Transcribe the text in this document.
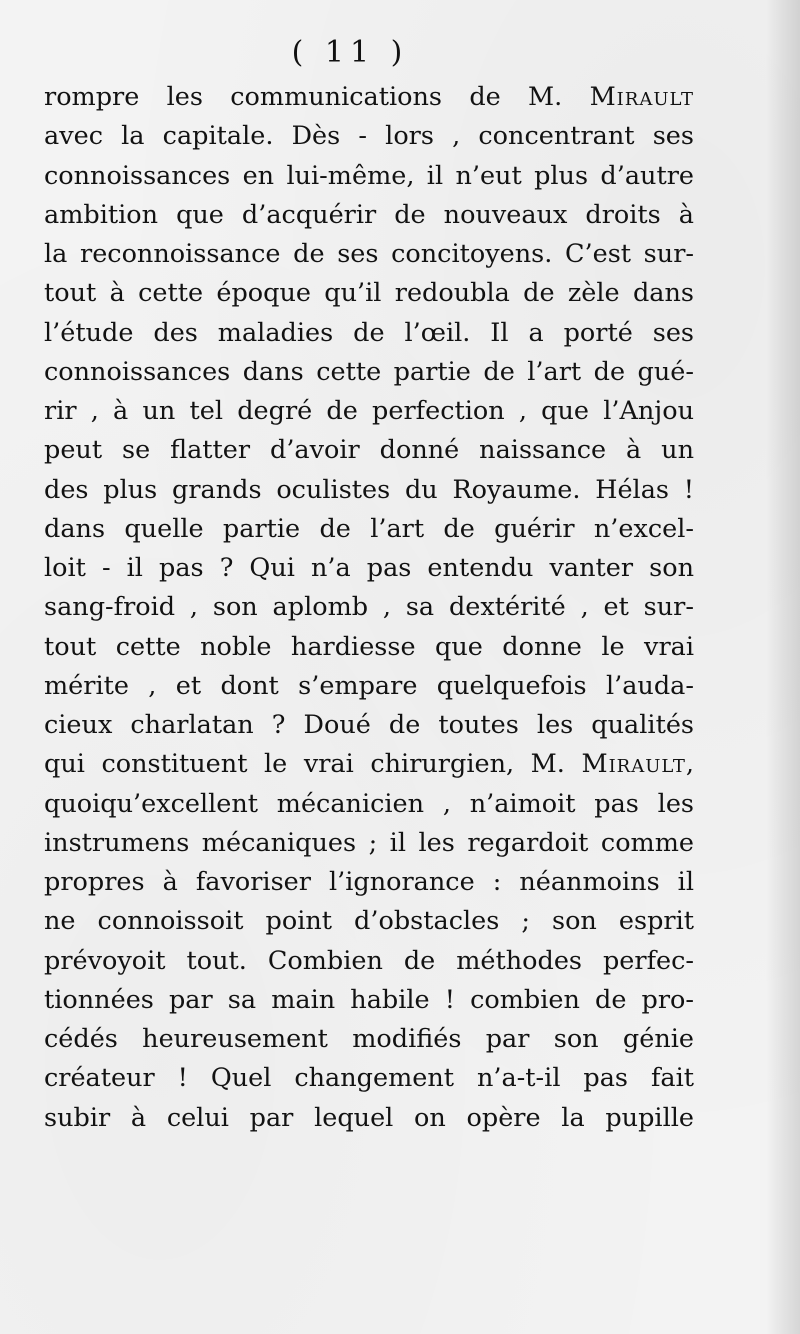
( 11 )
rompre les communications de M. Mirault
avec la capitale. Dès - lors , concentrant ses
connoissances en lui-même, il n’eut plus d’autre
ambition que d’acquérir de nouveaux droits à
la reconnoissance de ses concitoyens. C’est sur-
tout à cette époque qu’il redoubla de zèle dans
l’étude des maladies de l’œil. Il a porté ses
connoissances dans cette partie de l’art de gué-
rir , à un tel degré de perfection , que l’Anjou
peut se flatter d’avoir donné naissance à un
des plus grands oculistes du Royaume. Hélas !
dans quelle partie de l’art de guérir n’excel-
loit - il pas ? Qui n’a pas entendu vanter son
sang-froid , son aplomb , sa dextérité , et sur-
tout cette noble hardiesse que donne le vrai
mérite , et dont s’empare quelquefois l’auda-
cieux charlatan ? Doué de toutes les qualités
qui constituent le vrai chirurgien, M. Mirault,
quoiqu’excellent mécanicien , n’aimoit pas les
instrumens mécaniques ; il les regardoit comme
propres à favoriser l’ignorance : néanmoins il
ne connoissoit point d’obstacles ; son esprit
prévoyoit tout. Combien de méthodes perfec-
tionnées par sa main habile ! combien de pro-
cédés heureusement modifiés par son génie
créateur ! Quel changement n’a-t-il pas fait
subir à celui par lequel on opère la pupille
